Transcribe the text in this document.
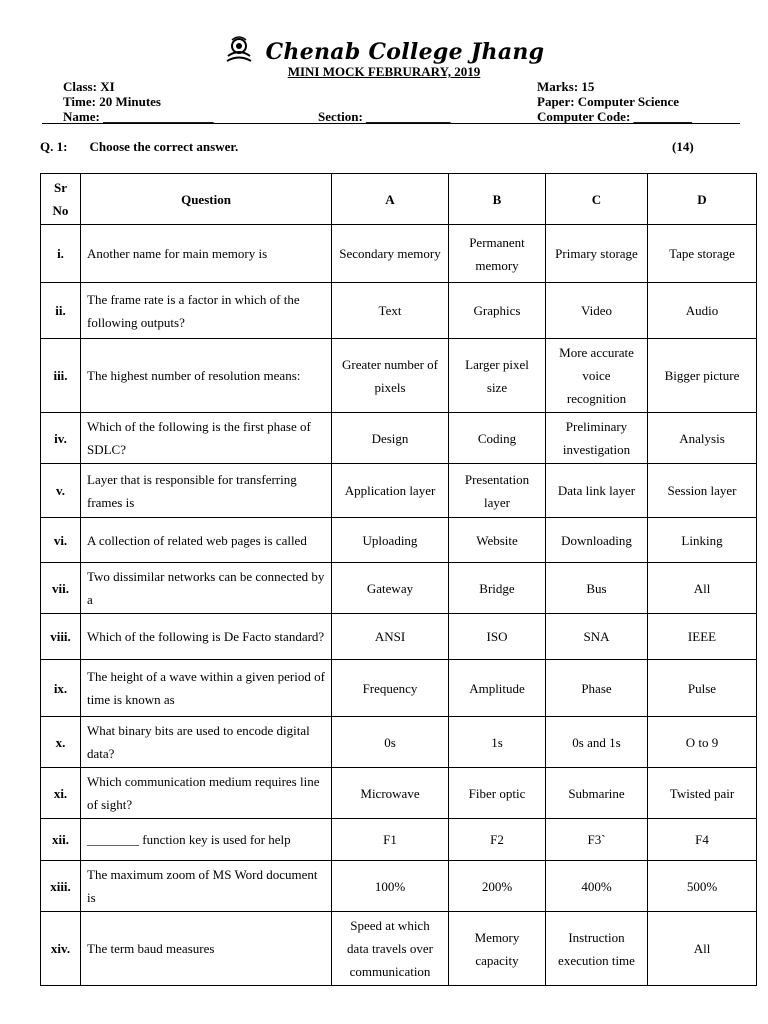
Chenab College Jhang
MINI MOCK FEBRURARY, 2019
Class: XI
Time: 20 Minutes
Name: _________________	Section: _____________
Marks: 15
Paper: Computer Science
Computer Code: _________
Q. 1: Choose the correct answer.	(14)
Sr No	Question	A	B	C	D
i.	Another name for main memory is	Secondary memory	Permanent memory	Primary storage	Tape storage
ii.	The frame rate is a factor in which of the following outputs?	Text	Graphics	Video	Audio
iii.	The highest number of resolution means:	Greater number of pixels	Larger pixel size	More accurate voice recognition	Bigger picture
iv.	Which of the following is the first phase of SDLC?	Design	Coding	Preliminary investigation	Analysis
v.	Layer that is responsible for transferring frames is	Application layer	Presentation layer	Data link layer	Session layer
vi.	A collection of related web pages is called	Uploading	Website	Downloading	Linking
vii.	Two dissimilar networks can be connected by a	Gateway	Bridge	Bus	All
viii.	Which of the following is De Facto standard?	ANSI	ISO	SNA	IEEE
ix.	The height of a wave within a given period of time is known as	Frequency	Amplitude	Phase	Pulse
x.	What binary bits are used to encode digital data?	0s	1s	0s and 1s	O to 9
xi.	Which communication medium requires line of sight?	Microwave	Fiber optic	Submarine	Twisted pair
xii.	________ function key is used for help	F1	F2	F3`	F4
xiii.	The maximum zoom of MS Word document is	100%	200%	400%	500%
xiv.	The term baud measures	Speed at which data travels over communication	Memory capacity	Instruction execution time	All
